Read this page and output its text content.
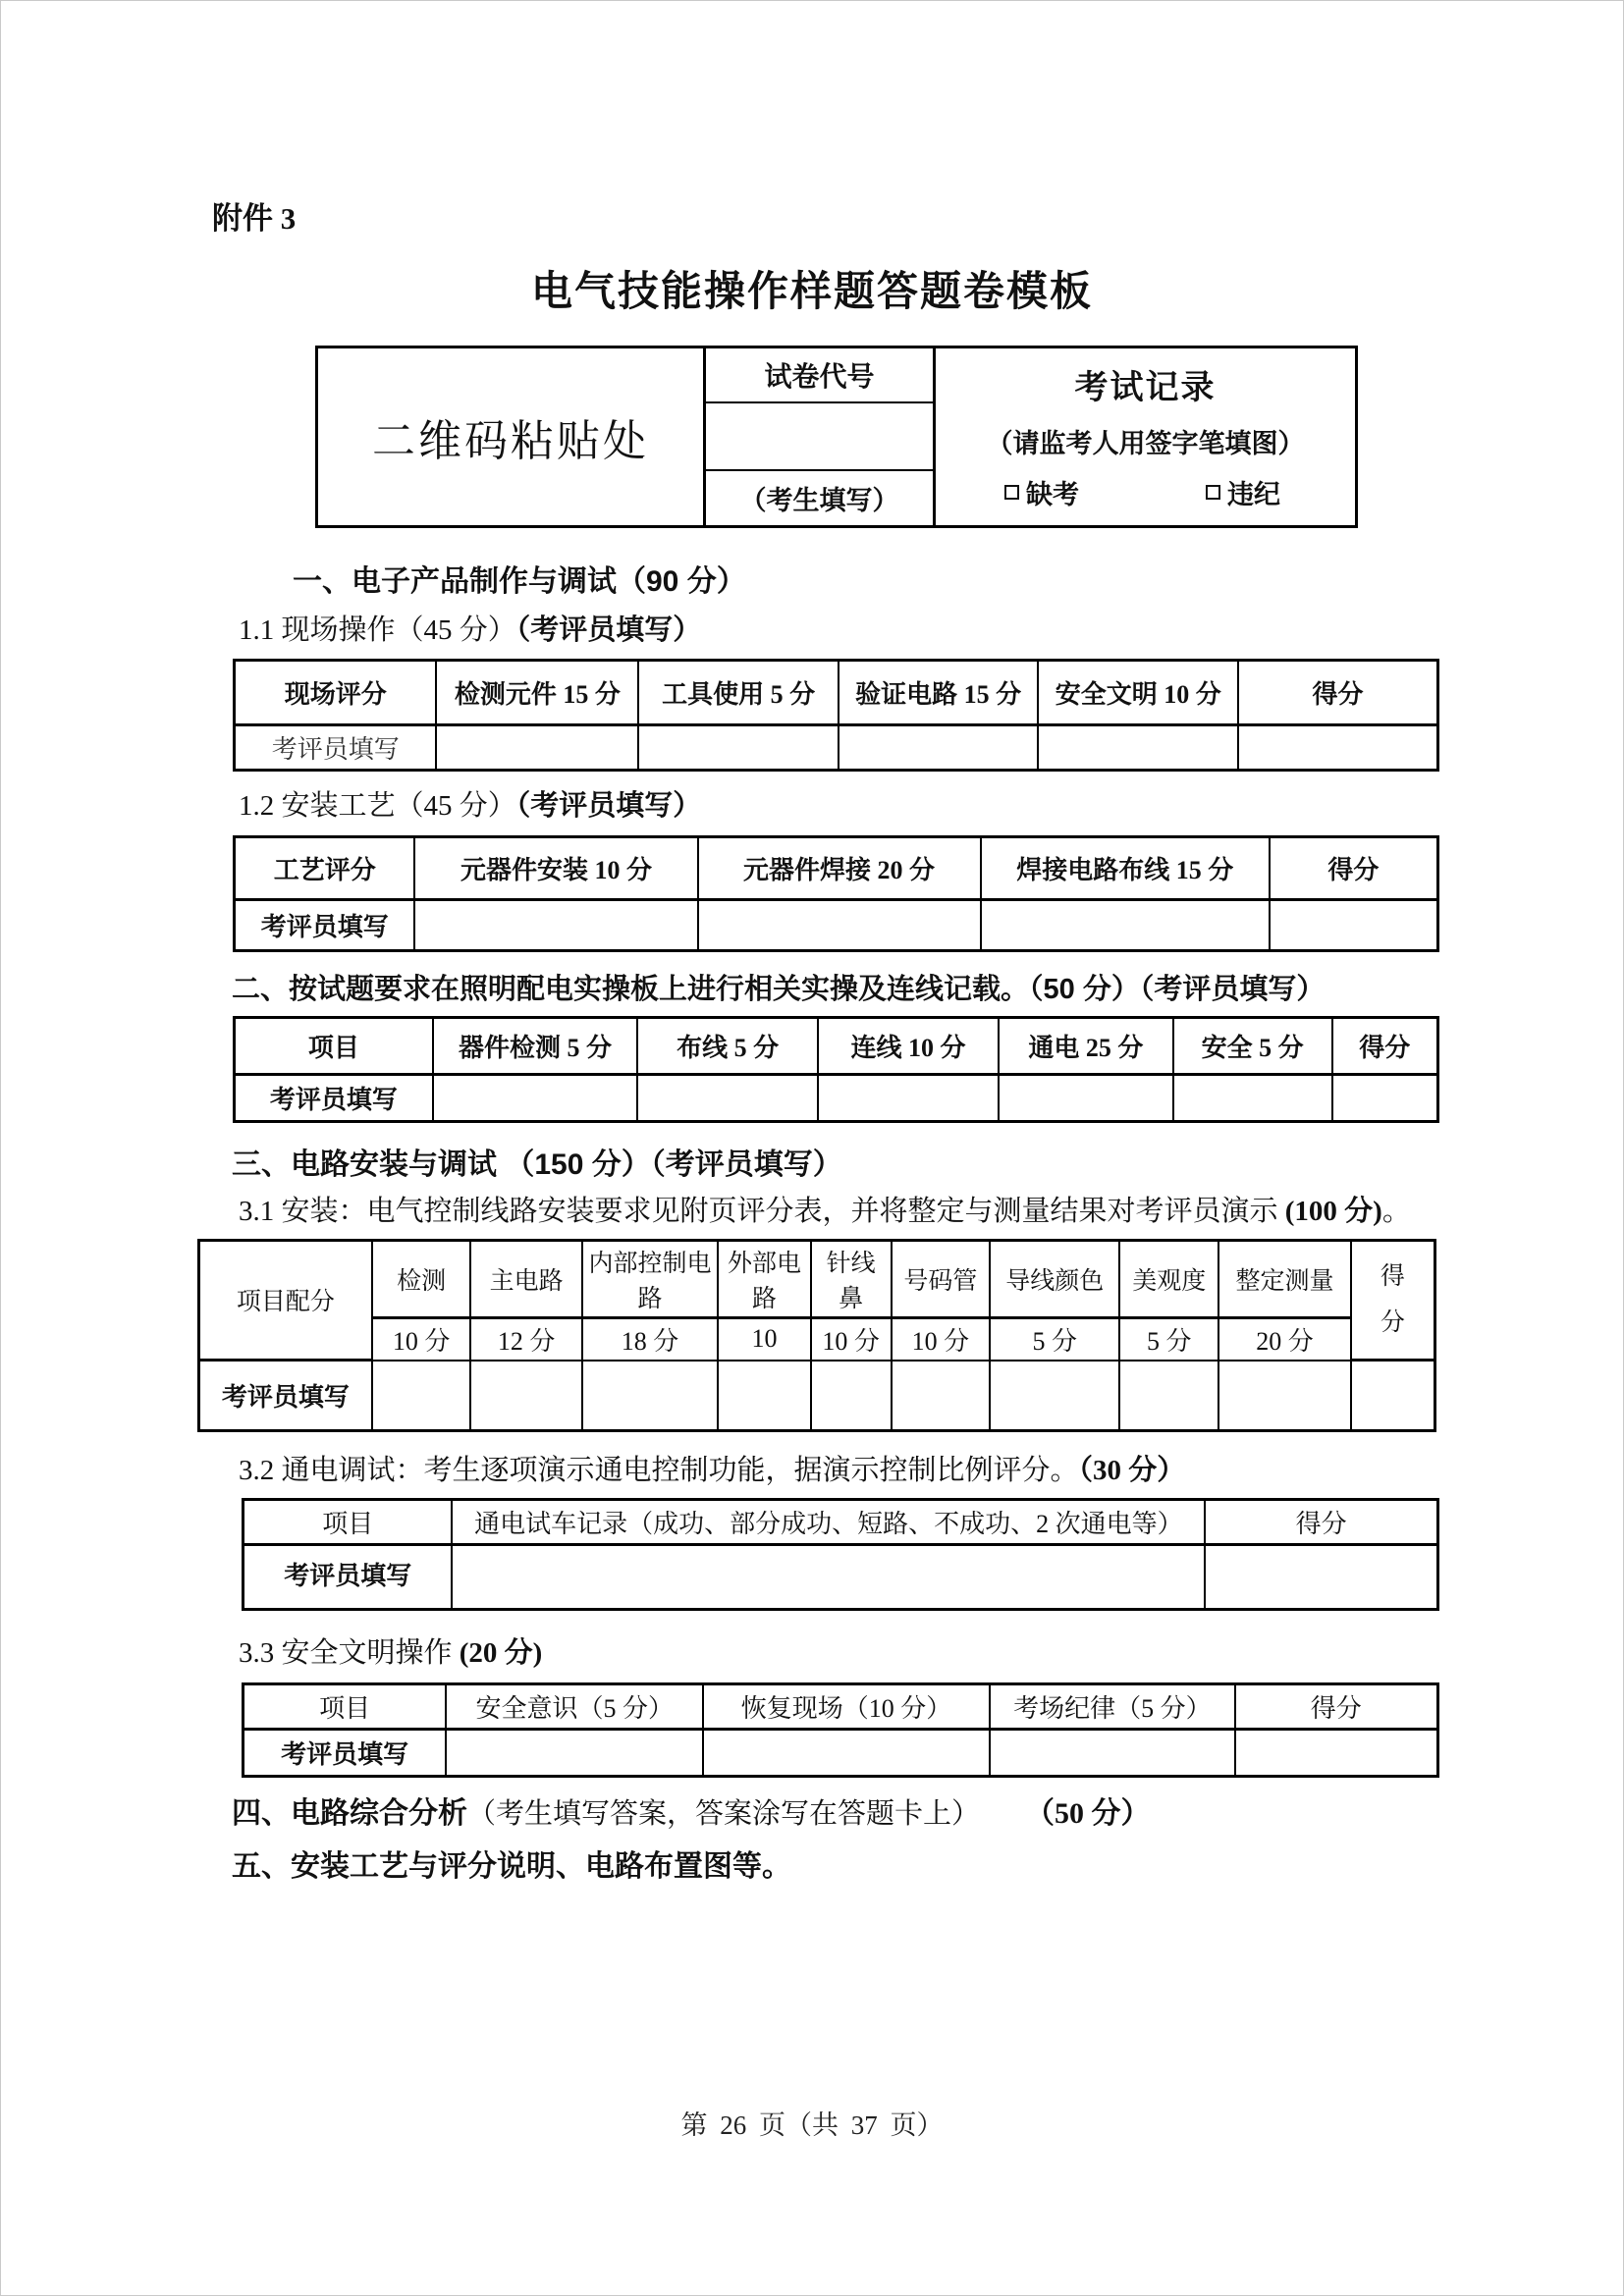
附件 3
电气技能操作样题答题卷模板
二维码粘贴处
试卷代号
（考生填写）
考试记录
（请监考人用签字笔填图）
缺考	违纪
一、电子产品制作与调试（90 分）
1.1 现场操作（45 分）（考评员填写）
现场评分	检测元件 15 分	工具使用 5 分	验证电路 15 分	安全文明 10 分	得分
考评员填写					
1.2 安装工艺（45 分）（考评员填写）
工艺评分	元器件安装 10 分	元器件焊接 20 分	焊接电路布线 15 分	得分
考评员填写				
二、按试题要求在照明配电实操板上进行相关实操及连线记载。（50 分）（考评员填写）
项目	器件检测 5 分	布线 5 分	连线 10 分	通电 25 分	安全 5 分	得分
考评员填写						
三、电路安装与调试 （150 分）（考评员填写）
3.1 安装：电气控制线路安装要求见附页评分表，并将整定与测量结果对考评员演示 (100 分)。
项目配分	检测	主电路	内部控制电路	外部电路	针线鼻	号码管	导线颜色	美观度	整定测量	得分
	10 分	12 分	18 分	10	10 分	10 分	5 分	5 分	20 分	
考评员填写										
3.2 通电调试：考生逐项演示通电控制功能，据演示控制比例评分。（30 分）
项目	通电试车记录（成功、部分成功、短路、不成功、2 次通电等）	得分
考评员填写		
3.3 安全文明操作 (20 分)
项目	安全意识（5 分）	恢复现场（10 分）	考场纪律（5 分）	得分
考评员填写				
四、电路综合分析（考生填写答案，答案涂写在答题卡上） （50 分）
五、安装工艺与评分说明、电路布置图等。
第 26 页（共 37 页）
